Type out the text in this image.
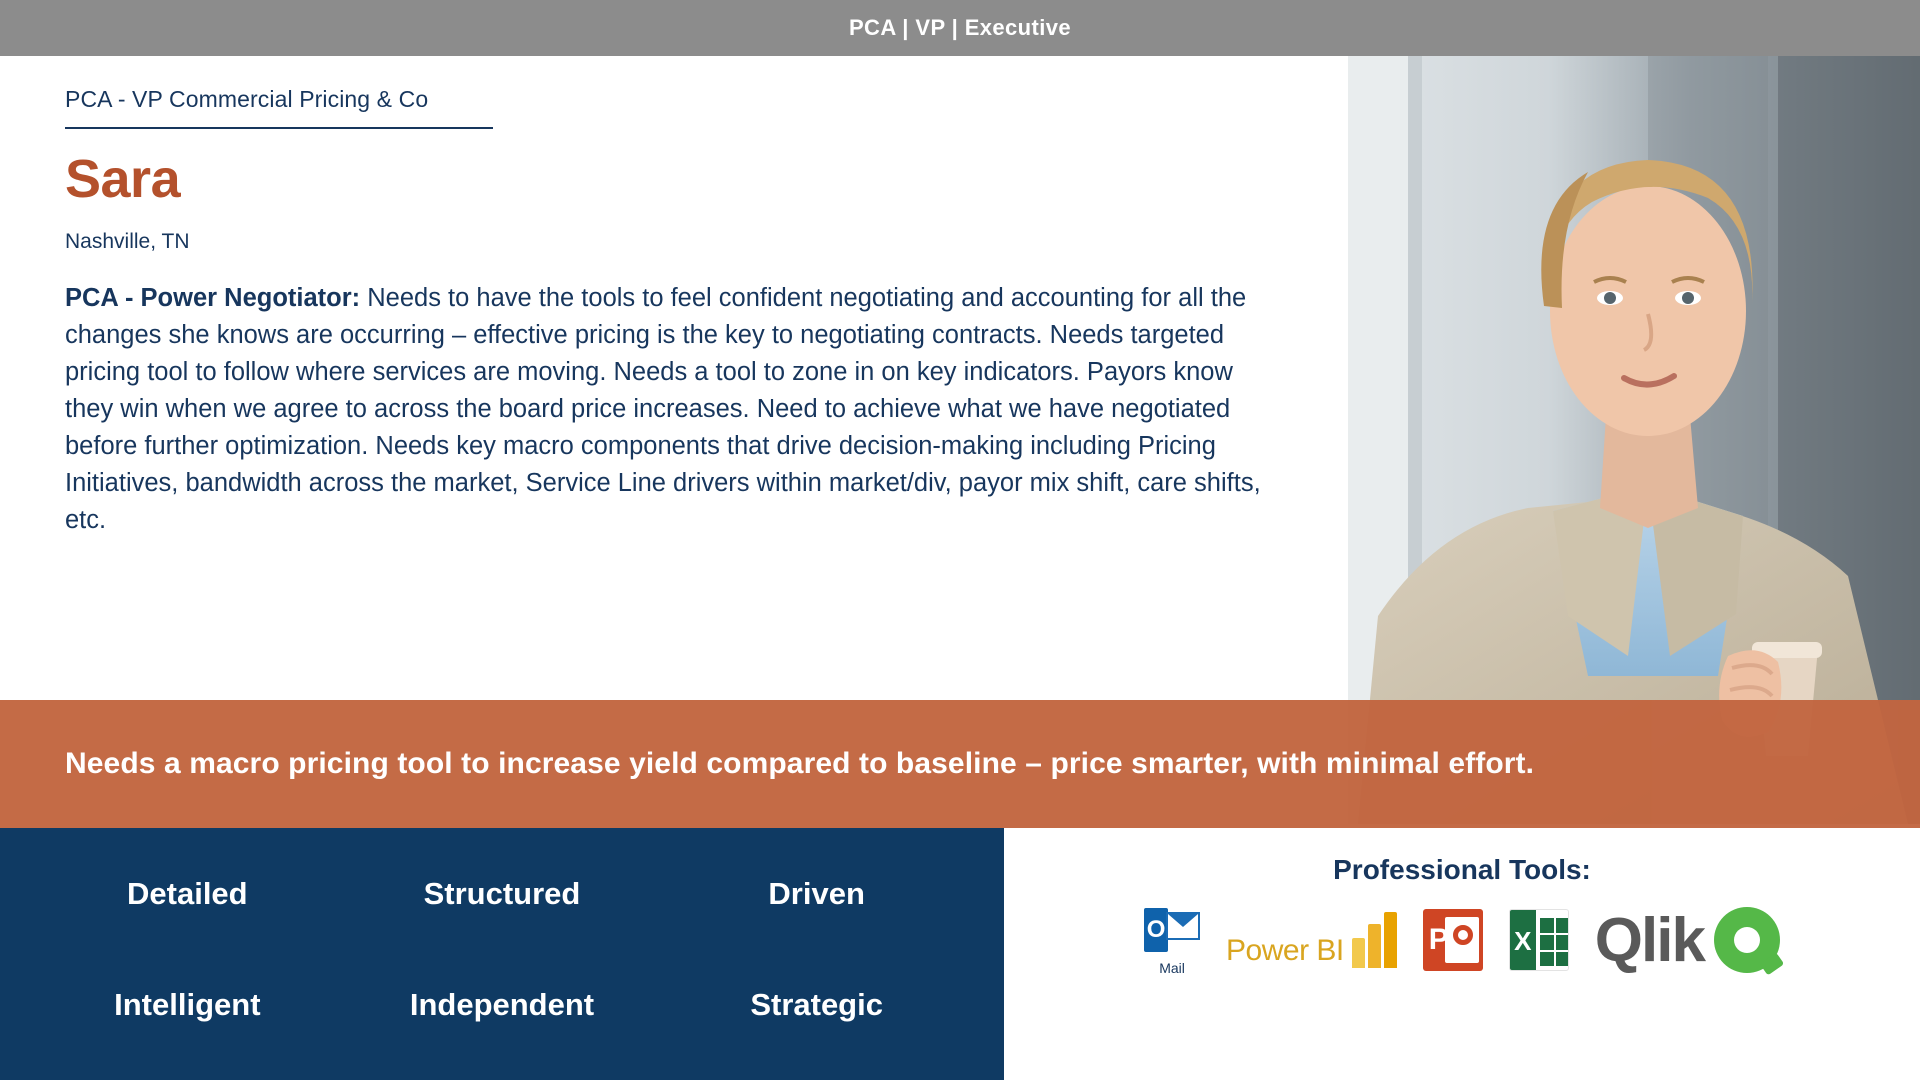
PCA | VP | Executive
PCA - VP Commercial Pricing & Co
Sara
Nashville, TN
PCA - Power Negotiator: Needs to have the tools to feel confident negotiating and accounting for all the changes she knows are occurring – effective pricing is the key to negotiating contracts. Needs targeted pricing tool to follow where services are moving. Needs a tool to zone in on key indicators. Payors know they win when we agree to across the board price increases. Need to achieve what we have negotiated before further optimization. Needs key macro components that drive decision-making including Pricing Initiatives, bandwidth across the market, Service Line drivers within market/div, payor mix shift, care shifts, etc.
Needs a macro pricing tool to increase yield compared to baseline – price smarter, with minimal effort.
Detailed	Structured	Driven
Intelligent	Independent	Strategic
Professional Tools:
O
Mail
Power BI	P	X Qlik
